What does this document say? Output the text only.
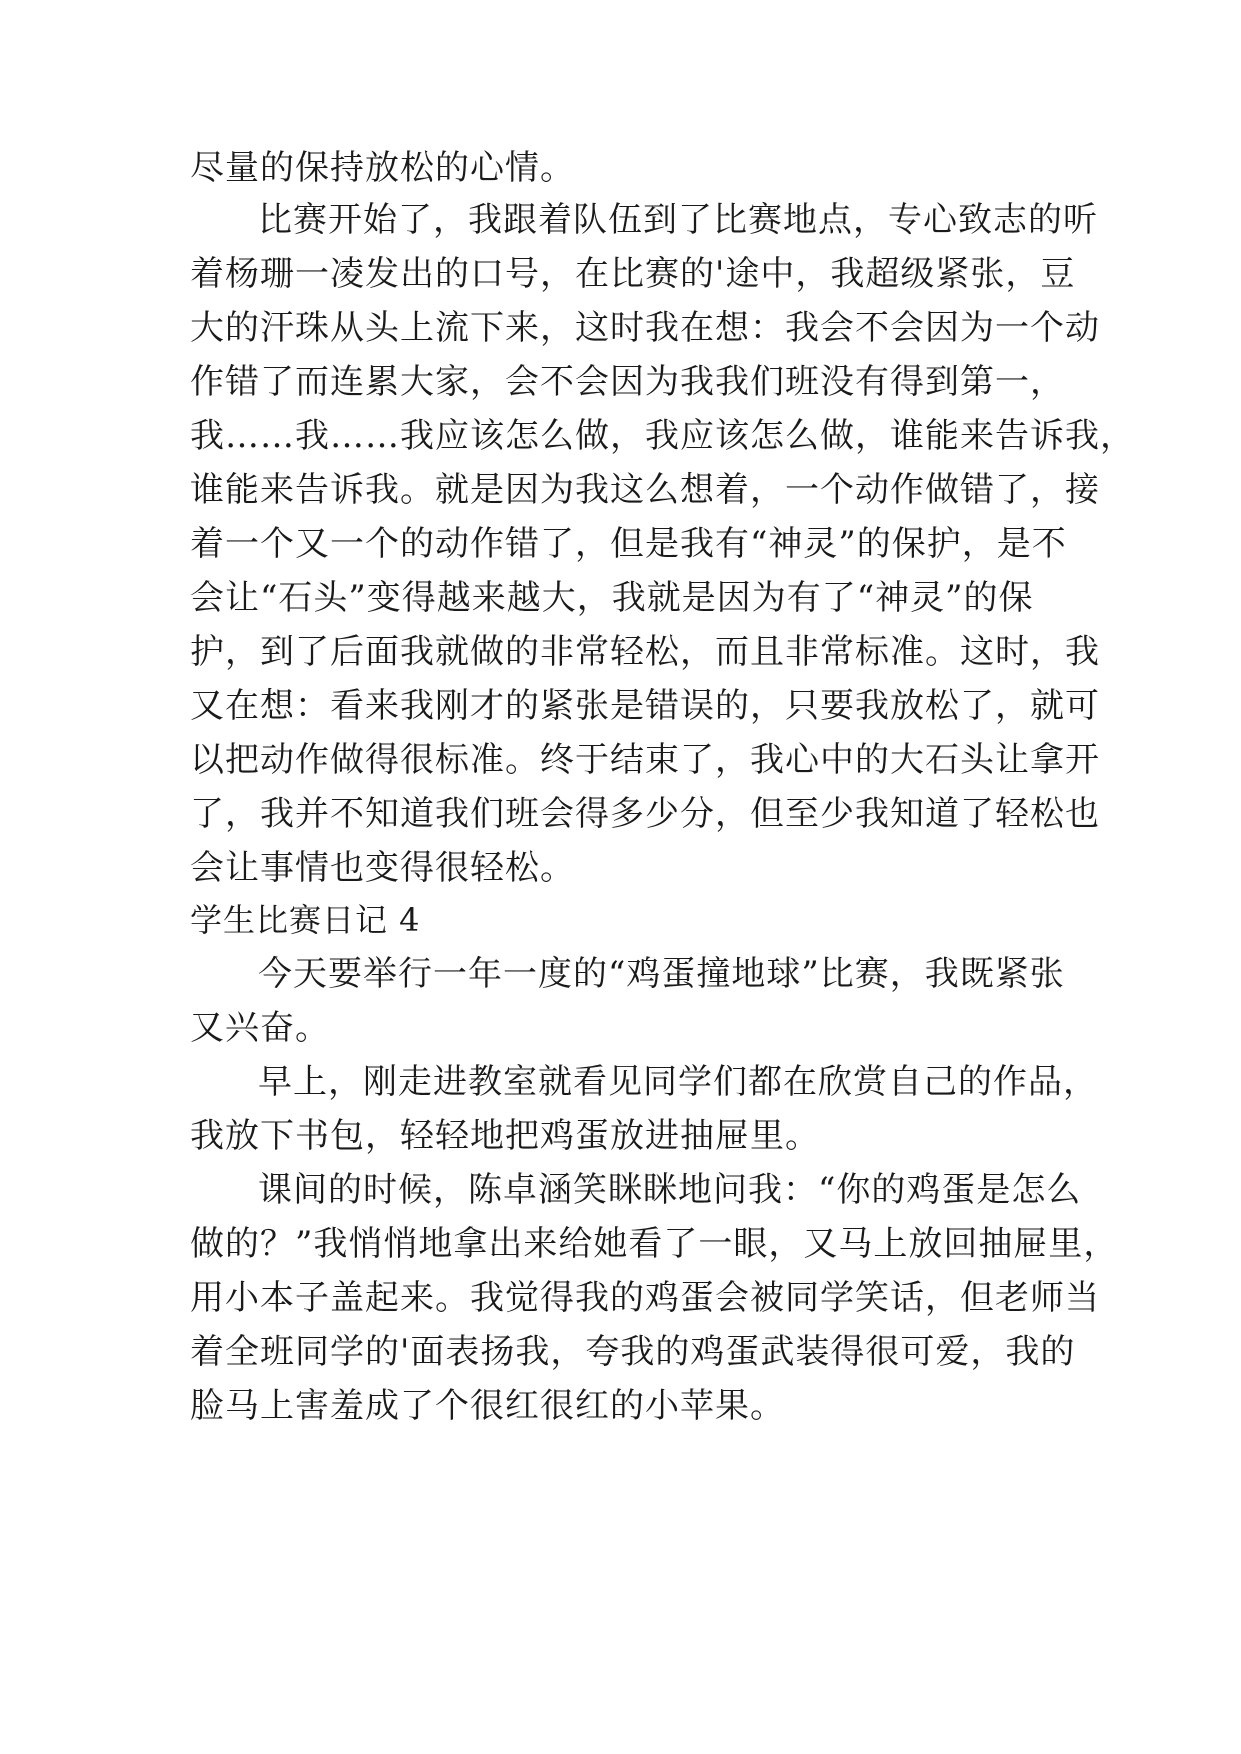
尽量的保持放松的心情。
比赛开始了，我跟着队伍到了比赛地点，专心致志的听
着杨珊一凌发出的口号，在比赛的'途中，我超级紧张，豆
大的汗珠从头上流下来，这时我在想：我会不会因为一个动
作错了而连累大家，会不会因为我我们班没有得到第一，
我……我……我应该怎么做，我应该怎么做，谁能来告诉我，
谁能来告诉我。就是因为我这么想着，一个动作做错了，接
着一个又一个的动作错了，但是我有“神灵”的保护，是不
会让“石头”变得越来越大，我就是因为有了“神灵”的保
护，到了后面我就做的非常轻松，而且非常标准。这时，我
又在想：看来我刚才的紧张是错误的，只要我放松了，就可
以把动作做得很标准。终于结束了，我心中的大石头让拿开
了，我并不知道我们班会得多少分，但至少我知道了轻松也
会让事情也变得很轻松。
学生比赛日记 4
今天要举行一年一度的“鸡蛋撞地球”比赛，我既紧张
又兴奋。
早上，刚走进教室就看见同学们都在欣赏自己的作品，
我放下书包，轻轻地把鸡蛋放进抽屉里。
课间的时候，陈卓涵笑眯眯地问我：“你的鸡蛋是怎么
做的？”我悄悄地拿出来给她看了一眼，又马上放回抽屉里，
用小本子盖起来。我觉得我的鸡蛋会被同学笑话，但老师当
着全班同学的'面表扬我，夸我的鸡蛋武装得很可爱，我的
脸马上害羞成了个很红很红的小苹果。
